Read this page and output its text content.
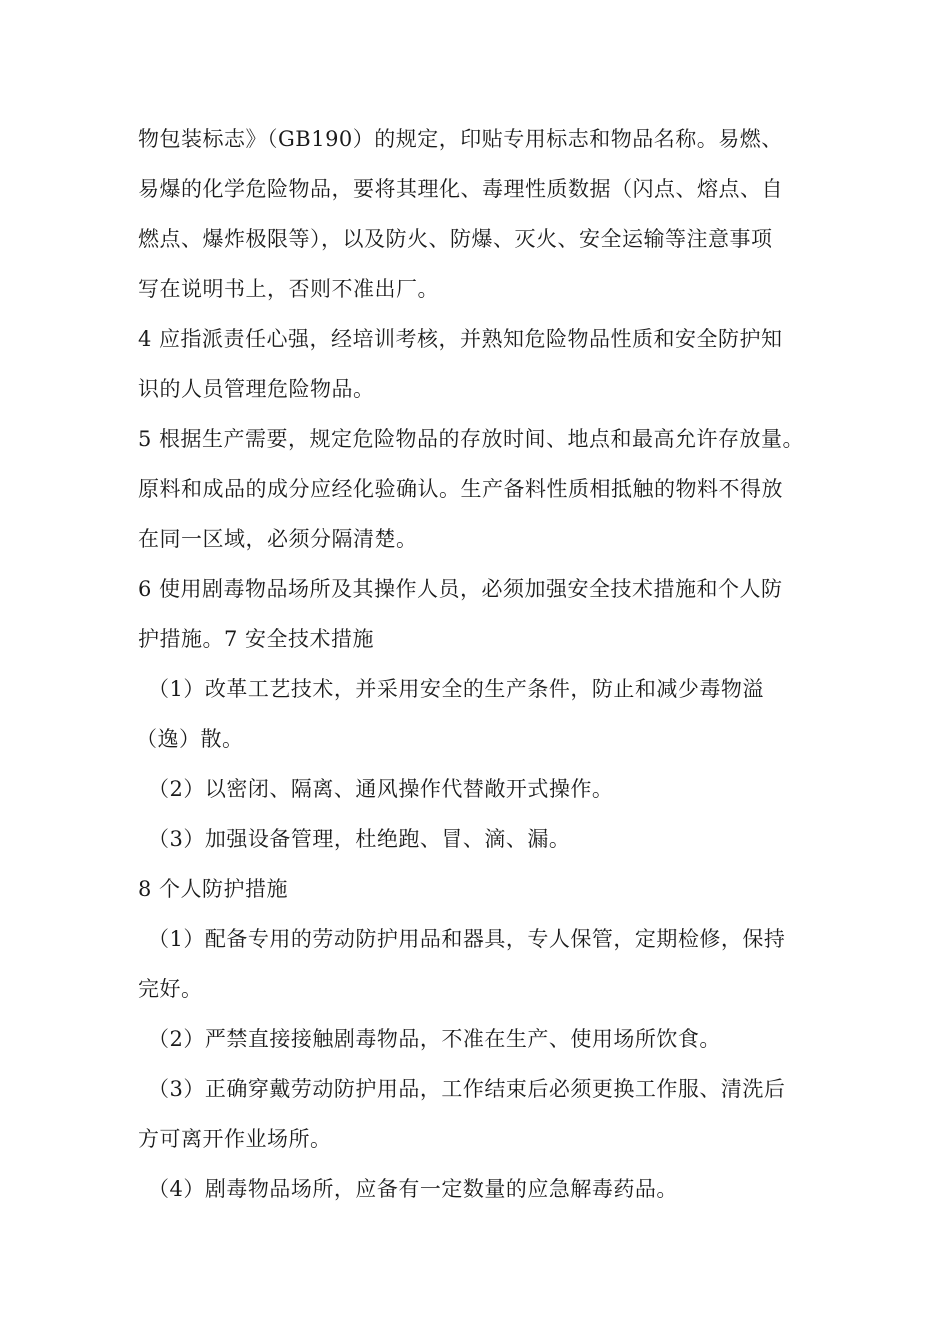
物包装标志》（GB190）的规定，印贴专用标志和物品名称。易燃、
易爆的化学危险物品，要将其理化、毒理性质数据（闪点、熔点、自
燃点、爆炸极限等），以及防火、防爆、灭火、安全运输等注意事项
写在说明书上，否则不准出厂。
4 应指派责任心强，经培训考核，并熟知危险物品性质和安全防护知
识的人员管理危险物品。
5 根据生产需要，规定危险物品的存放时间、地点和最高允许存放量。
原料和成品的成分应经化验确认。生产备料性质相抵触的物料不得放
在同一区域，必须分隔清楚。
6 使用剧毒物品场所及其操作人员，必须加强安全技术措施和个人防
护措施。7 安全技术措施
（1）改革工艺技术，并采用安全的生产条件，防止和减少毒物溢
（逸）散。
（2）以密闭、隔离、通风操作代替敞开式操作。
（3）加强设备管理，杜绝跑、冒、滴、漏。
8 个人防护措施
（1）配备专用的劳动防护用品和器具，专人保管，定期检修，保持
完好。
（2）严禁直接接触剧毒物品，不准在生产、使用场所饮食。
（3）正确穿戴劳动防护用品，工作结束后必须更换工作服、清洗后
方可离开作业场所。
（4）剧毒物品场所，应备有一定数量的应急解毒药品。
